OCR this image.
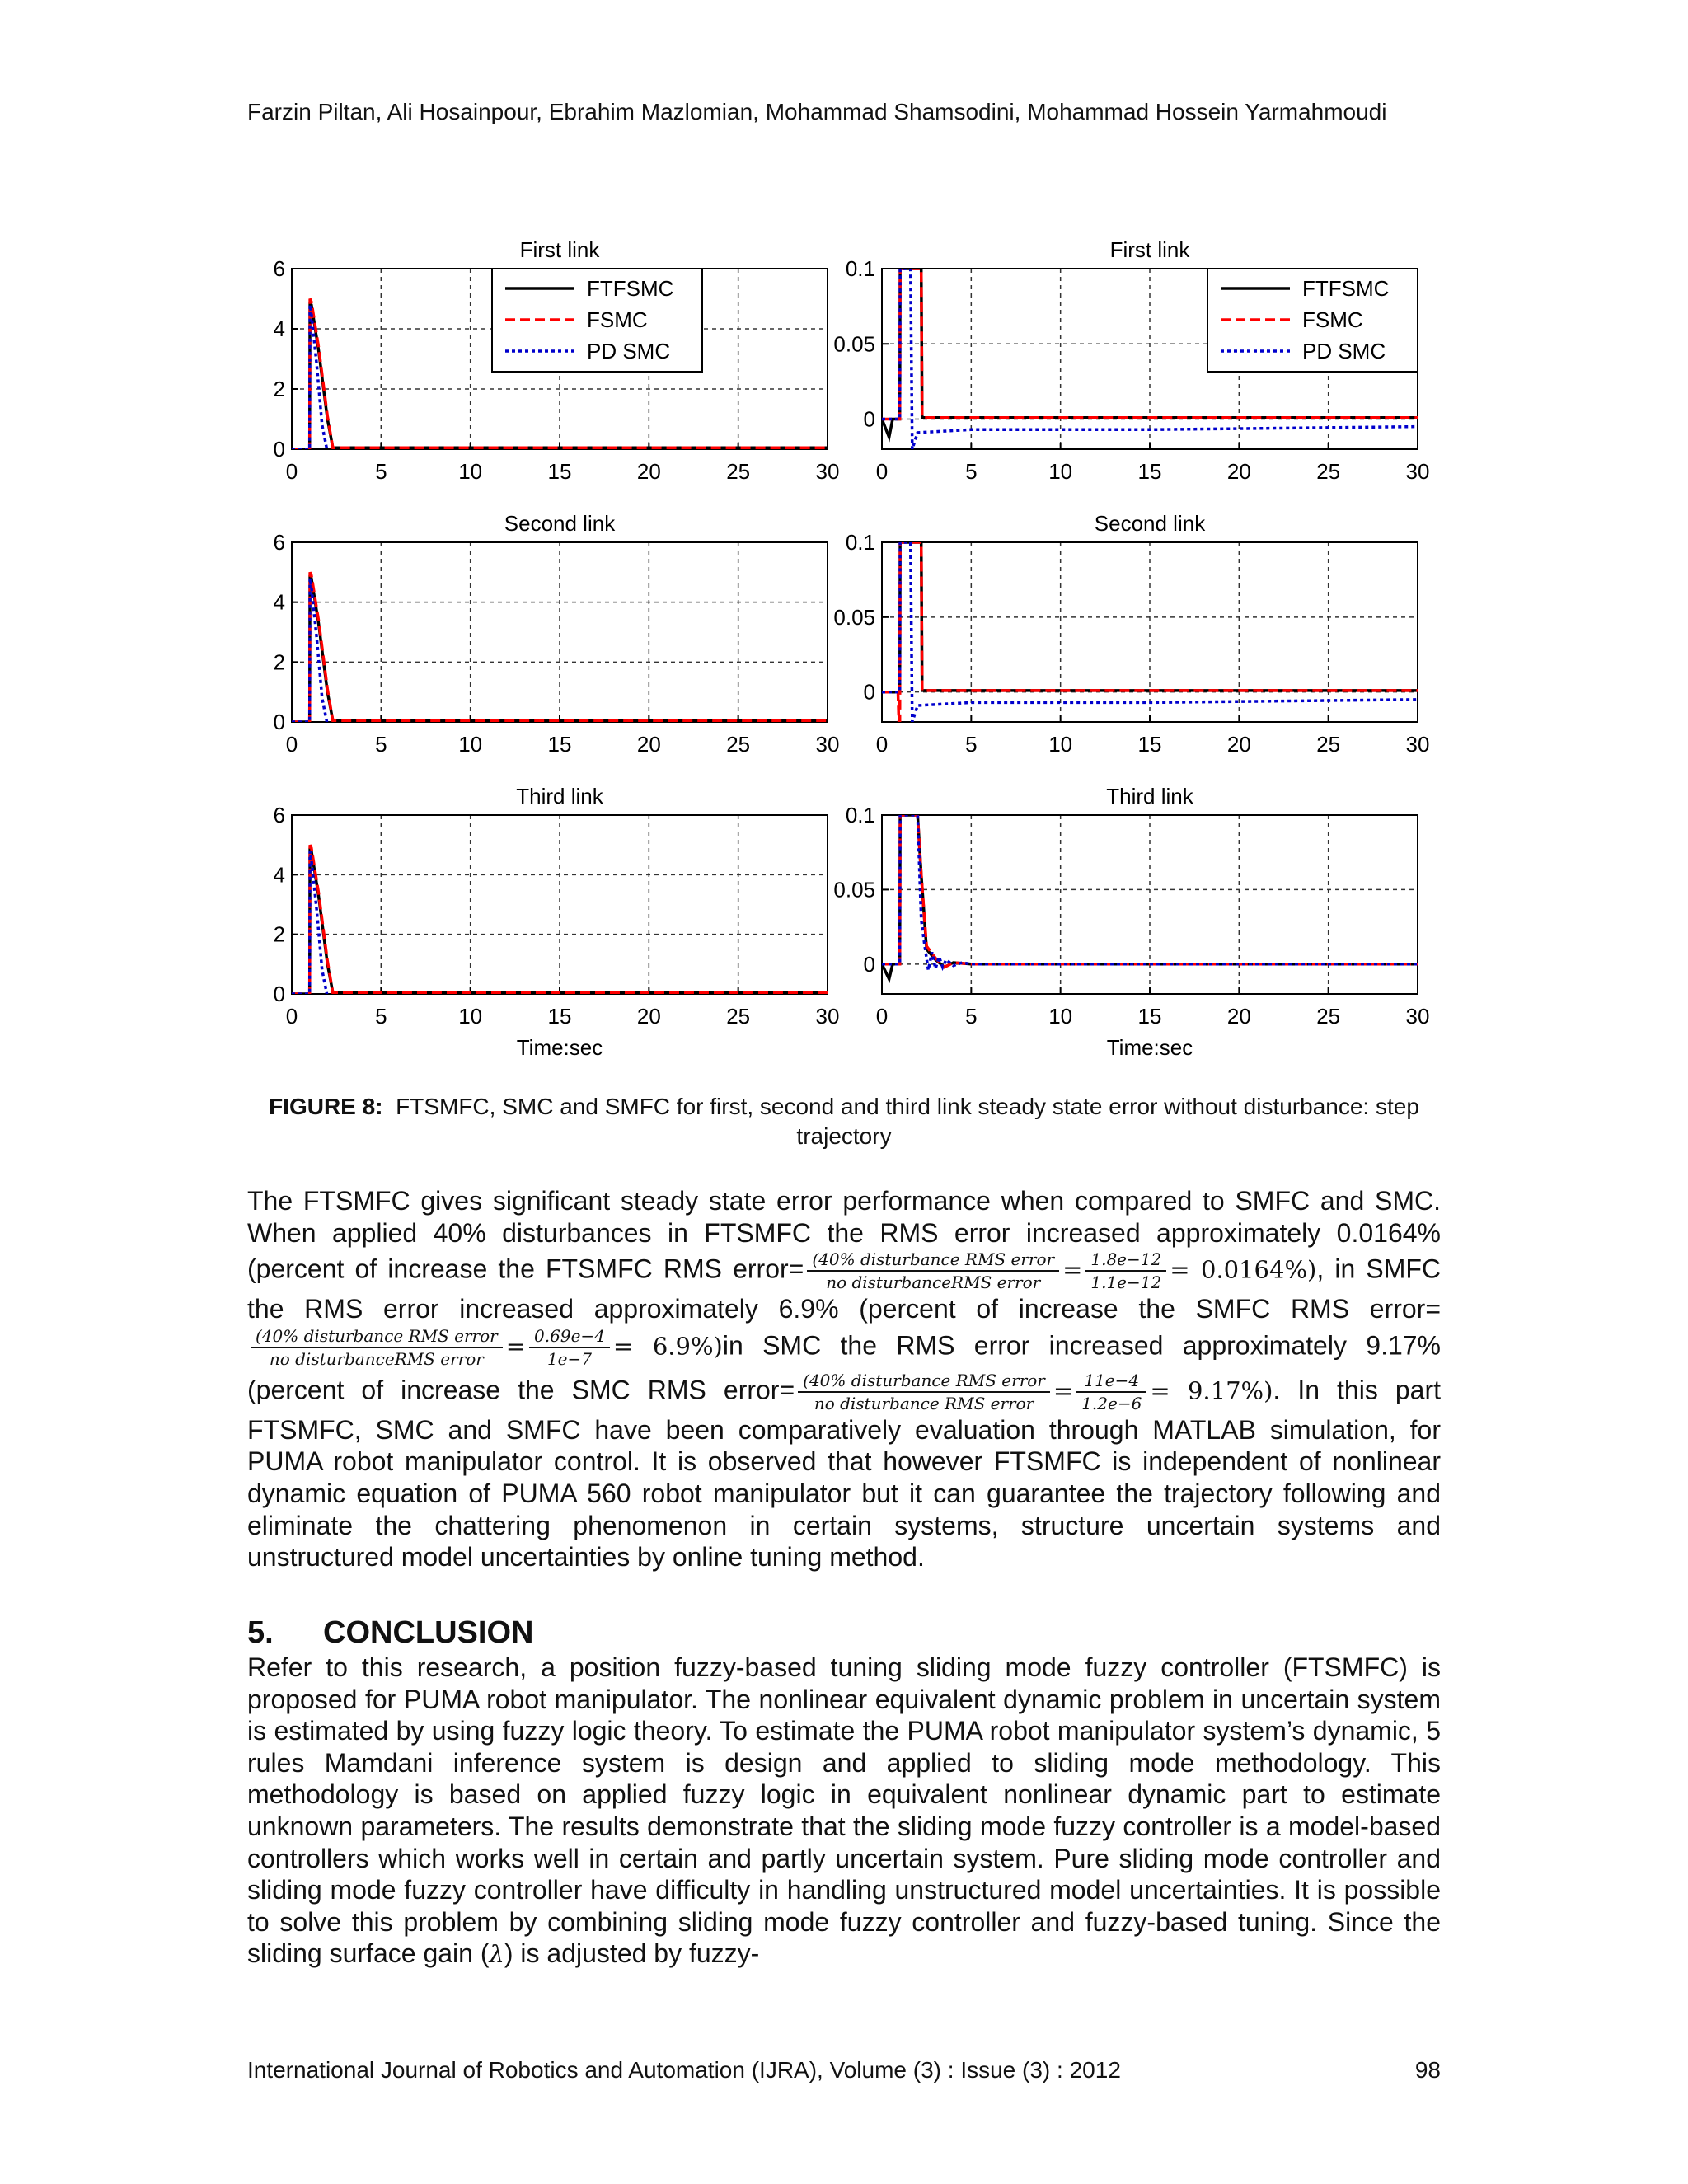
Farzin Piltan, Ali Hosainpour, Ebrahim Mazlomian, Mohammad Shamsodini, Mohammad Hossein Yarmahmoudi
0	5	10	15	20	25	30
0
2
4
6
First link
FTFSMC
FSMC
PD SMC
0	5	10	15	20	25	30
0
0.05
0.1
First link
FTFSMC
FSMC
PD SMC
0	5	10	15	20	25	30
0
2
4
6
Second link
0	5	10	15	20	25	30
0
0.05
0.1
Second link
0	5	10	15	20	25	30
0
2
4
6
Third link
Time:sec
0	5	10	15	20	25	30
0
0.05
0.1
Third link
Time:sec
FIGURE 8: FTSMFC, SMC and SMFC for first, second and third link steady state error without disturbance: step trajectory

The FTSMFC gives significant steady state error performance when compared to SMFC and SMC. When applied 40% disturbances in FTSMFC the RMS error increased approximately 0.0164% (percent of increase the FTSMFC RMS error= $\frac{\text{(40\% disturbance RMS error}}{\text{no disturbanceRMS error}} = \frac{1.8e-12}{1.1e-12} = 0.0164\%$), in SMFC the RMS error increased approximately 6.9% (percent of increase the SMFC RMS error=
$\frac{\text{(40\% disturbance RMS error}}{\text{no disturbanceRMS error}} = \frac{0.69e-4}{1e-7} = 6.9\%)in$ SMC the RMS error increased approximately 9.17% (percent of increase the SMC RMS error= $\frac{\text{(40\% disturbance RMS error}}{\text{no disturbance RMS error}} = \frac{11e-4}{1.2e-6} = 9.17\%$). In this part FTSMFC, SMC and SMFC have been comparatively evaluation through MATLAB simulation, for PUMA robot manipulator control. It is observed that however FTSMFC is independent of nonlinear dynamic equation of PUMA 560 robot manipulator but it can guarantee the trajectory following and eliminate the chattering phenomenon in certain systems, structure uncertain systems and unstructured model uncertainties by online tuning method.

5. CONCLUSION

Refer to this research, a position fuzzy-based tuning sliding mode fuzzy controller (FTSMFC) is proposed for PUMA robot manipulator. The nonlinear equivalent dynamic problem in uncertain system is estimated by using fuzzy logic theory. To estimate the PUMA robot manipulator system’s dynamic, 5 rules Mamdani inference system is design and applied to sliding mode methodology. This methodology is based on applied fuzzy logic in equivalent nonlinear dynamic part to estimate unknown parameters. The results demonstrate that the sliding mode fuzzy controller is a model-based controllers which works well in certain and partly uncertain system. Pure sliding mode controller and sliding mode fuzzy controller have difficulty in handling unstructured model uncertainties. It is possible to solve this problem by combining sliding mode fuzzy controller and fuzzy-based tuning. Since the sliding surface gain (λ) is adjusted by fuzzy-

International Journal of Robotics and Automation (IJRA), Volume (3) : Issue (3) : 2012	98
